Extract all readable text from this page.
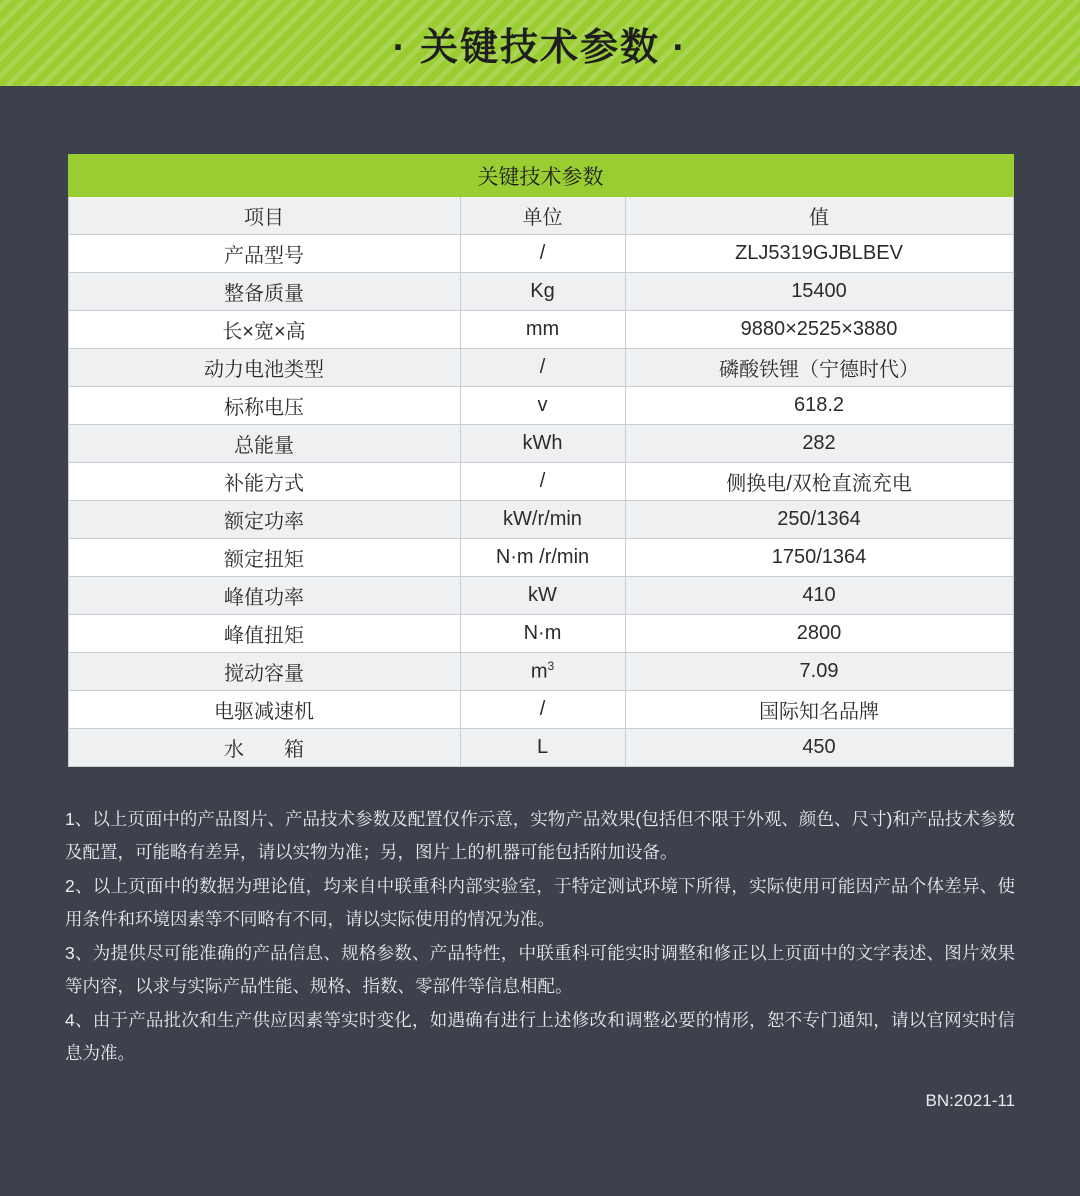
· 关键技术参数 ·
关键技术参数		
项目	单位	值
产品型号	/	ZLJ5319GJBLBEV
整备质量	Kg	15400
长×宽×高	mm	9880×2525×3880
动力电池类型	/	磷酸铁锂（宁德时代）
标称电压	v	618.2
总能量	kWh	282
补能方式	/	侧换电/双枪直流充电
额定功率	kW/r/min	250/1364
额定扭矩	N·m /r/min	1750/1364
峰值功率	kW	410
峰值扭矩	N·m	2800
搅动容量	$m^3$	7.09
电驱减速机	/	国际知名品牌
水　　箱	L	450

1、以上页面中的产品图片、产品技术参数及配置仅作示意，实物产品效果(包括但不限于外观、颜色、尺寸)和产品技术参数及配置，可能略有差异，请以实物为准；另，图片上的机器可能包括附加设备。

2、以上页面中的数据为理论值，均来自中联重科内部实验室，于特定测试环境下所得，实际使用可能因产品个体差异、使用条件和环境因素等不同略有不同，请以实际使用的情况为准。

3、为提供尽可能准确的产品信息、规格参数、产品特性，中联重科可能实时调整和修正以上页面中的文字表述、图片效果等内容，以求与实际产品性能、规格、指数、零部件等信息相配。

4、由于产品批次和生产供应因素等实时变化，如遇确有进行上述修改和调整必要的情形，恕不专门通知，请以官网实时信息为准。

BN:2021-11
